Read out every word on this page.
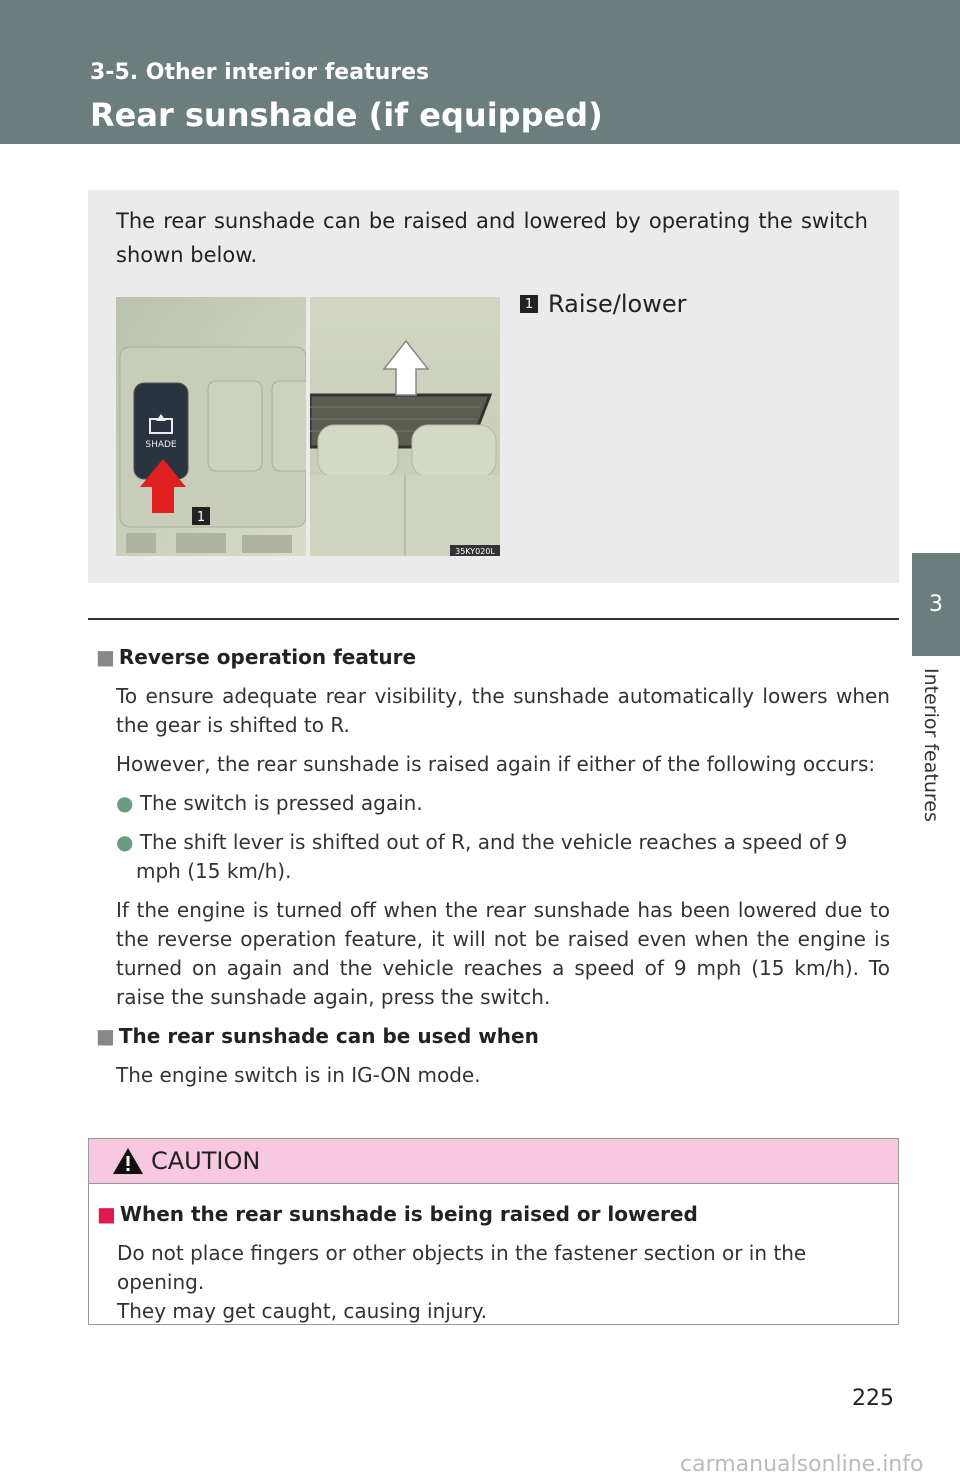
3-5. Other interior features
Rear sunshade (if equipped)
3
Interior features
The rear sunshade can be raised and lowered by operating the switch shown below.
SHADE
1
35KY020L
1 Raise/lower
■ Reverse operation feature
To ensure adequate rear visibility, the sunshade automatically lowers when the gear is shifted to R.
However, the rear sunshade is raised again if either of the following occurs:
● The switch is pressed again.
● The shift lever is shifted out of R, and the vehicle reaches a speed of 9 mph (15 km/h).
If the engine is turned off when the rear sunshade has been lowered due to the reverse operation feature, it will not be raised even when the engine is turned on again and the vehicle reaches a speed of 9 mph (15 km/h). To raise the sunshade again, press the switch.
■ The rear sunshade can be used when
The engine switch is in IG-ON mode.
CAUTION
■ When the rear sunshade is being raised or lowered
Do not place fingers or other objects in the fastener section or in the opening.
They may get caught, causing injury.
225
carmanualsonline.info
